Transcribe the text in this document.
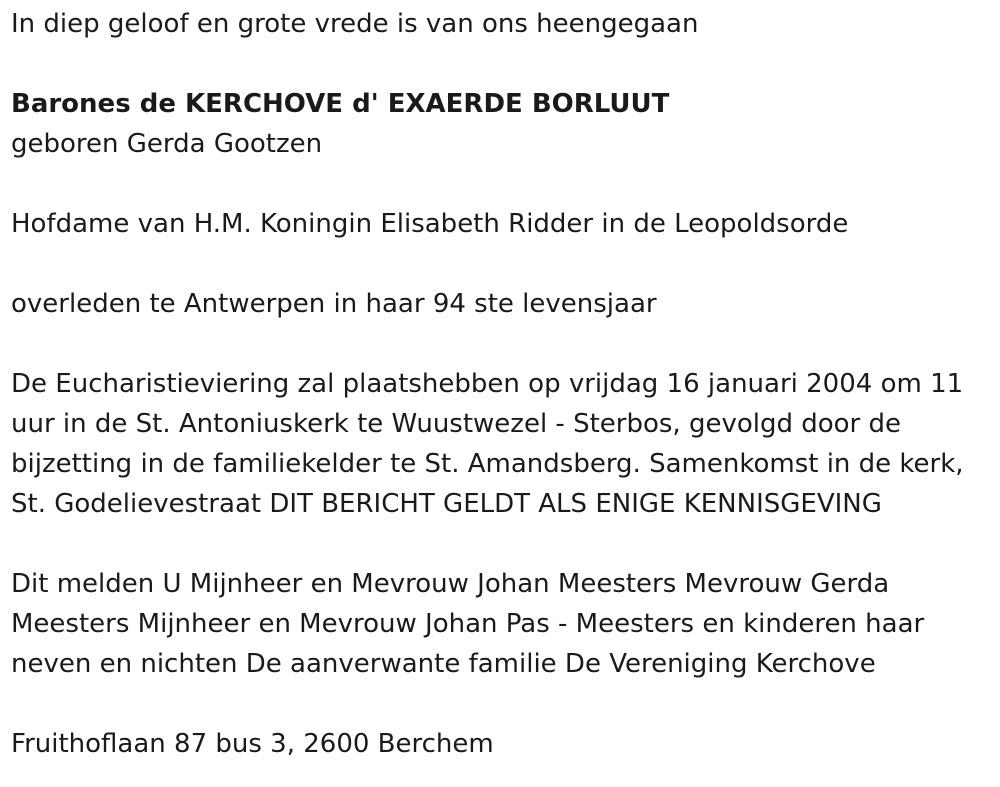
In diep geloof en grote vrede is van ons heengegaan
Barones de KERCHOVE d' EXAERDE BORLUUT
geboren Gerda Gootzen
Hofdame van H.M. Koningin Elisabeth Ridder in de Leopoldsorde
overleden te Antwerpen in haar 94 ste levensjaar
De Eucharistieviering zal plaatshebben op vrijdag 16 januari 2004 om 11
uur in de St. Antoniuskerk te Wuustwezel - Sterbos, gevolgd door de
bijzetting in de familiekelder te St. Amandsberg. Samenkomst in de kerk,
St. Godelievestraat DIT BERICHT GELDT ALS ENIGE KENNISGEVING
Dit melden U Mijnheer en Mevrouw Johan Meesters Mevrouw Gerda
Meesters Mijnheer en Mevrouw Johan Pas - Meesters en kinderen haar
neven en nichten De aanverwante familie De Vereniging Kerchove
Fruithoflaan 87 bus 3, 2600 Berchem
